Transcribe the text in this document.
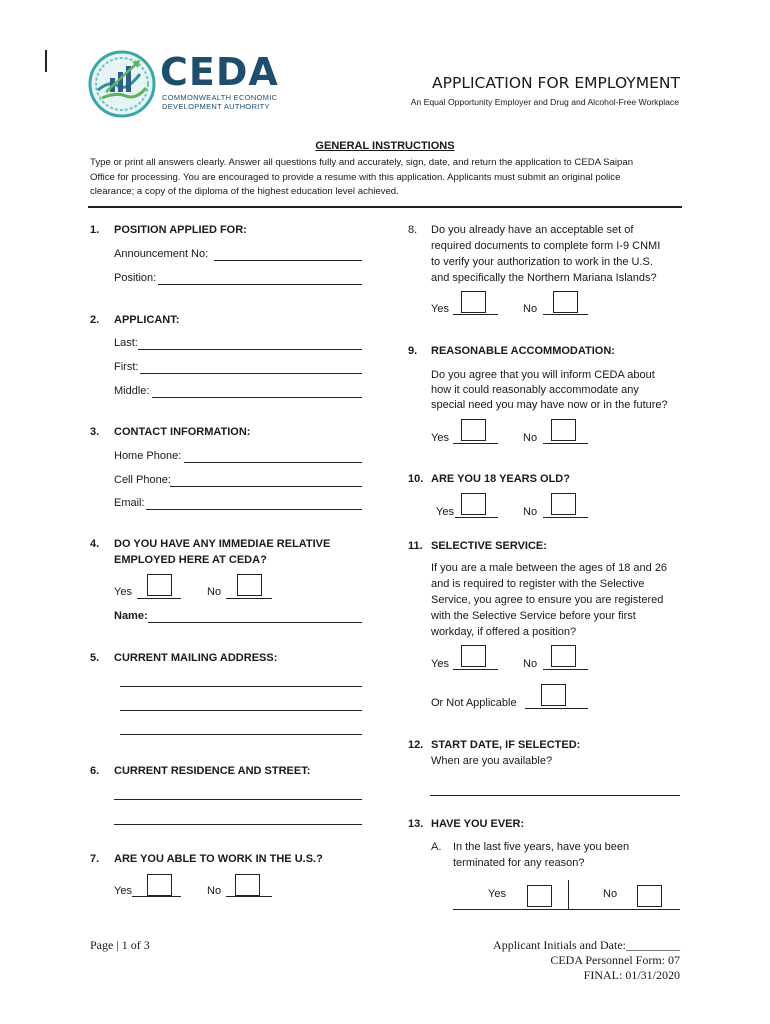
CEDA
COMMONWEALTH ECONOMIC
DEVELOPMENT AUTHORITY
APPLICATION FOR EMPLOYMENT
An Equal Opportunity Employer and Drug and Alcohol-Free Workplace
GENERAL INSTRUCTIONS
Type or print all answers clearly. Answer all questions fully and accurately, sign, date, and return the application to CEDA Saipan
Office for processing. You are encouraged to provide a resume with this application. Applicants must submit an original police
clearance; a copy of the diploma of the highest education level achieved.
1. POSITION APPLIED FOR:
Announcement No:
Position:
2. APPLICANT:
Last:
First:
Middle:
3. CONTACT INFORMATION:
Home Phone:
Cell Phone:
Email:
4. DO YOU HAVE ANY IMMEDIAE RELATIVE
EMPLOYED HERE AT CEDA?
Yes	No
Name:
5. CURRENT MAILING ADDRESS:
6. CURRENT RESIDENCE AND STREET:
7. ARE YOU ABLE TO WORK IN THE U.S.?
Yes	No
8. Do you already have an acceptable set of
required documents to complete form I-9 CNMI
to verify your authorization to work in the U.S.
and specifically the Northern Mariana Islands?
Yes	No
9. REASONABLE ACCOMMODATION:
Do you agree that you will inform CEDA about
how it could reasonably accommodate any
special need you may have now or in the future?
Yes	No
10. ARE YOU 18 YEARS OLD?
Yes	No
11. SELECTIVE SERVICE:
If you are a male between the ages of 18 and 26
and is required to register with the Selective
Service, you agree to ensure you are registered
with the Selective Service before your first
workday, if offered a position?
Yes	No
Or Not Applicable
12. START DATE, IF SELECTED:
When are you available?
13. HAVE YOU EVER:
A. In the last five years, have you been
terminated for any reason?
Yes	No
Page | 1 of 3	Applicant Initials and Date:_________
CEDA Personnel Form: 07
FINAL: 01/31/2020
